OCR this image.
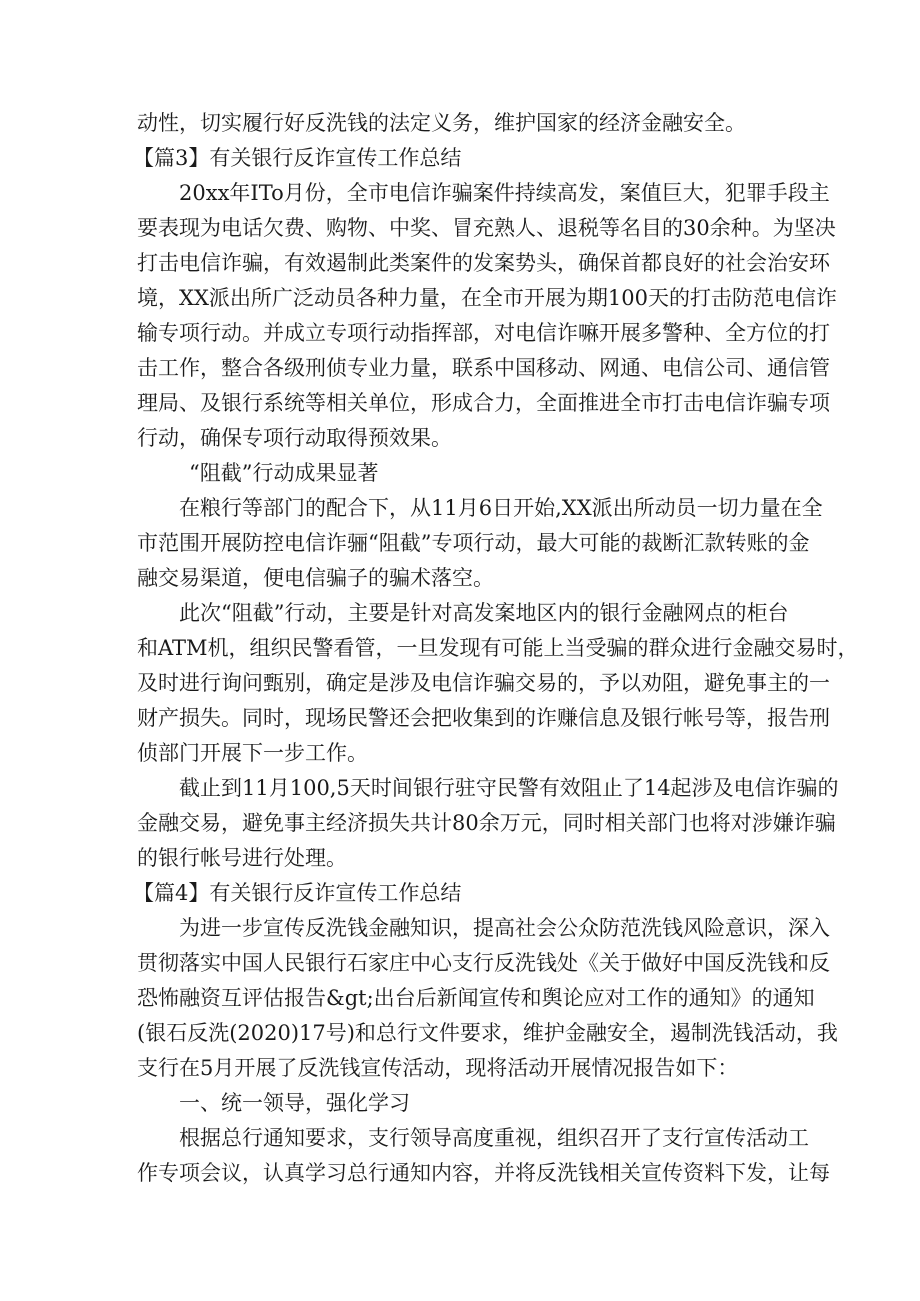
动性，切实履行好反洗钱的法定义务，维护国家的经济金融安全。

【篇3】有关银行反诈宣传工作总结

20xx年ITo月份，全市电信诈骗案件持续高发，案值巨大，犯罪手段主

要表现为电话欠费、购物、中奖、冒充熟人、退税等名目的30余种。为坚决

打击电信诈骗，有效遏制此类案件的发案势头，确保首都良好的社会治安环

境，XX派出所广泛动员各种力量，在全市开展为期100天的打击防范电信诈

输专项行动。并成立专项行动指挥部，对电信诈嘛开展多警种、全方位的打

击工作，整合各级刑侦专业力量，联系中国移动、网通、电信公司、通信管

理局、及银行系统等相关单位，形成合力，全面推进全市打击电信诈骗专项

行动，确保专项行动取得预效果。

“阻截”行动成果显著

在粮行等部门的配合下，从11月6日开始,XX派出所动员一切力量在全

市范围开展防控电信诈骊“阻截”专项行动，最大可能的裁断汇款转账的金

融交易渠道，便电信骗子的骗术落空。

此次“阻截”行动，主要是针对高发案地区内的银行金融网点的柜台

和ATM机，组织民警看管，一旦发现有可能上当受骗的群众进行金融交易时，

及时进行询问甄别，确定是涉及电信诈骗交易的，予以劝阻，避免事主的一

财产损失。同时，现场民警还会把收集到的诈赚信息及银行帐号等，报告刑

侦部门开展下一步工作。

截止到11月100,5天时间银行驻守民警有效阻止了14起涉及电信诈骗的

金融交易，避免事主经济损失共计80余万元，同时相关部门也将对涉嫌诈骗

的银行帐号进行处理。

【篇4】有关银行反诈宣传工作总结

为进一步宣传反洗钱金融知识，提高社会公众防范洗钱风险意识，深入

贯彻落实中国人民银行石家庄中心支行反洗钱处《关于做好中国反洗钱和反

恐怖融资互评估报告&gt;出台后新闻宣传和舆论应对工作的通知》的通知

(银石反洗(2020)17号)和总行文件要求，维护金融安全，遏制洗钱活动，我

支行在5月开展了反洗钱宣传活动，现将活动开展情况报告如下：

一、统一领导，强化学习

根据总行通知要求，支行领导高度重视，组织召开了支行宣传活动工

作专项会议，认真学习总行通知内容，并将反洗钱相关宣传资料下发，让每
